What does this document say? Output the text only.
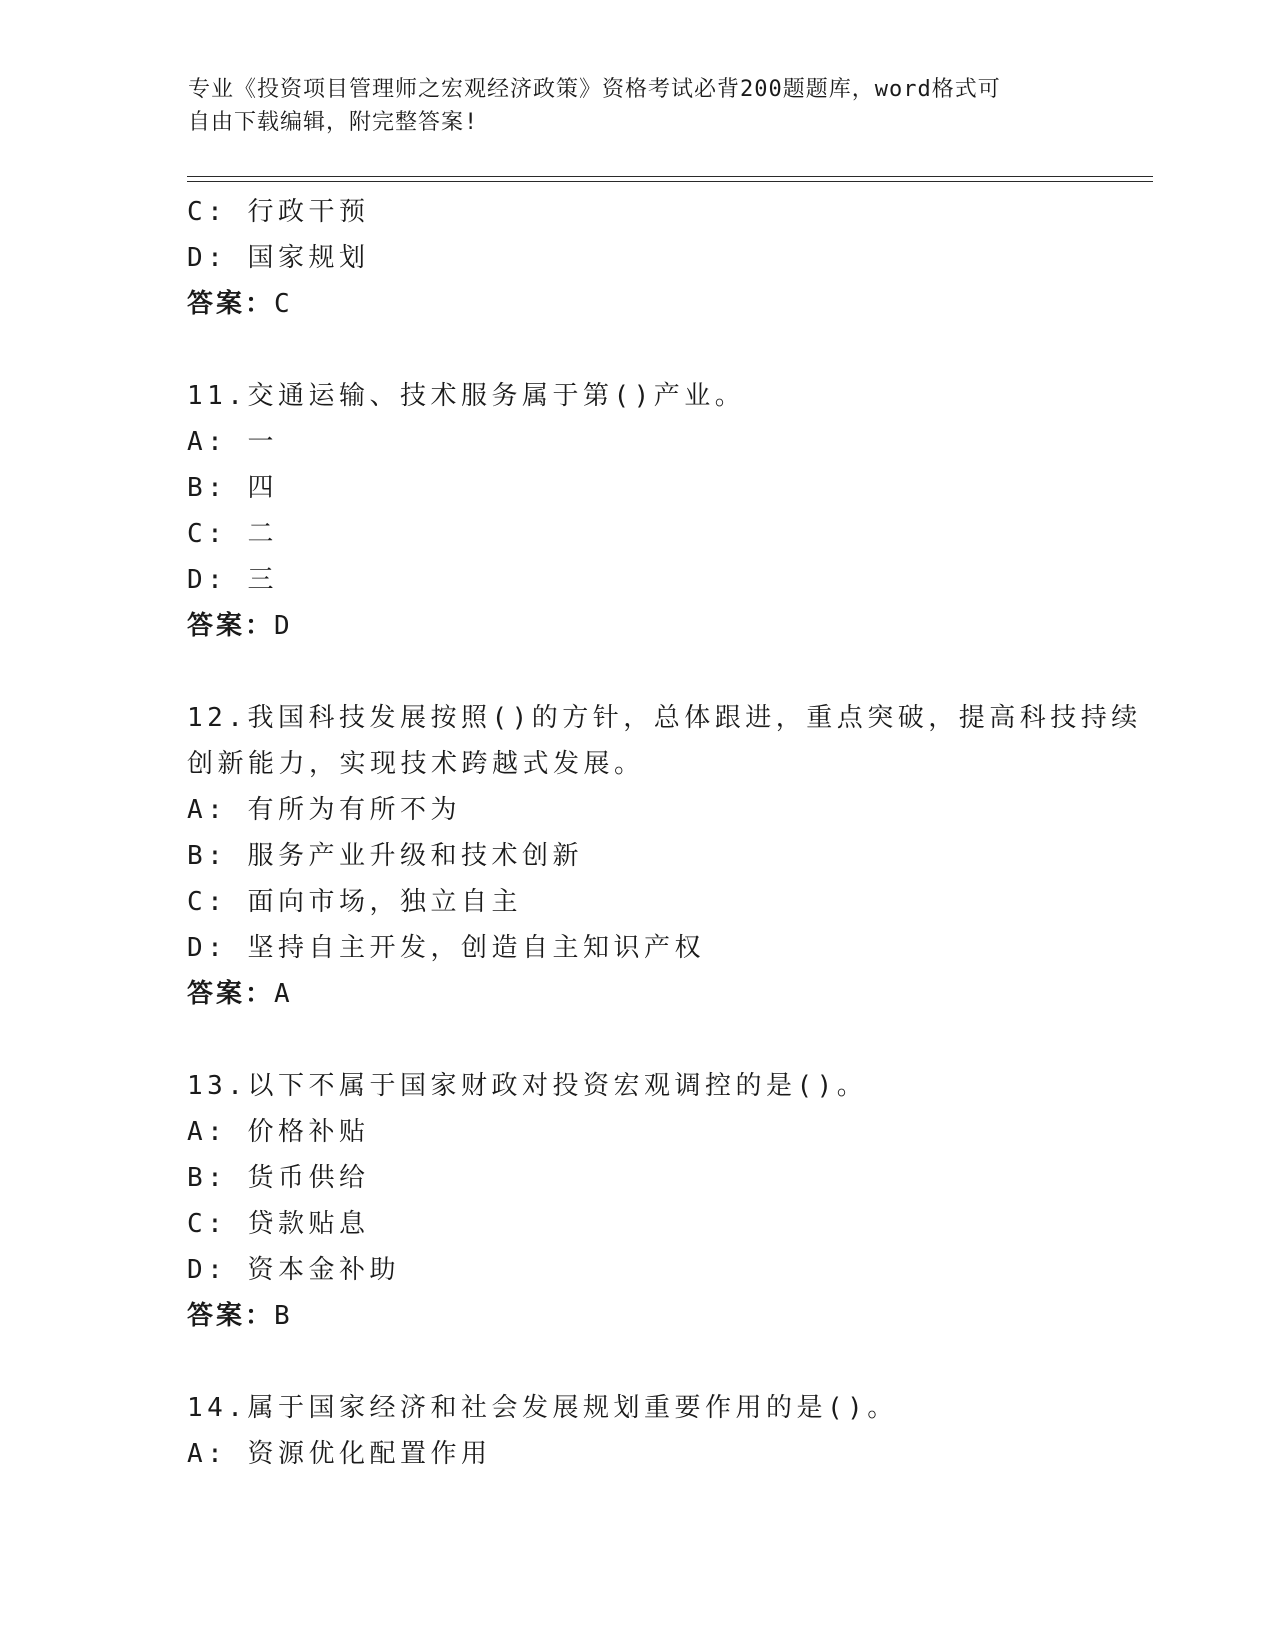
专业《投资项目管理师之宏观经济政策》资格考试必背200题题库，word格式可
自由下载编辑，附完整答案!
C: 行政干预
D: 国家规划
答案：C
11.交通运输、技术服务属于第()产业。
A: 一
B: 四
C: 二
D: 三
答案：D
12.我国科技发展按照()的方针，总体跟进，重点突破，提高科技持续
创新能力，实现技术跨越式发展。
A: 有所为有所不为
B: 服务产业升级和技术创新
C: 面向市场，独立自主
D: 坚持自主开发，创造自主知识产权
答案：A
13.以下不属于国家财政对投资宏观调控的是()。
A: 价格补贴
B: 货币供给
C: 贷款贴息
D: 资本金补助
答案：B
14.属于国家经济和社会发展规划重要作用的是()。
A: 资源优化配置作用
